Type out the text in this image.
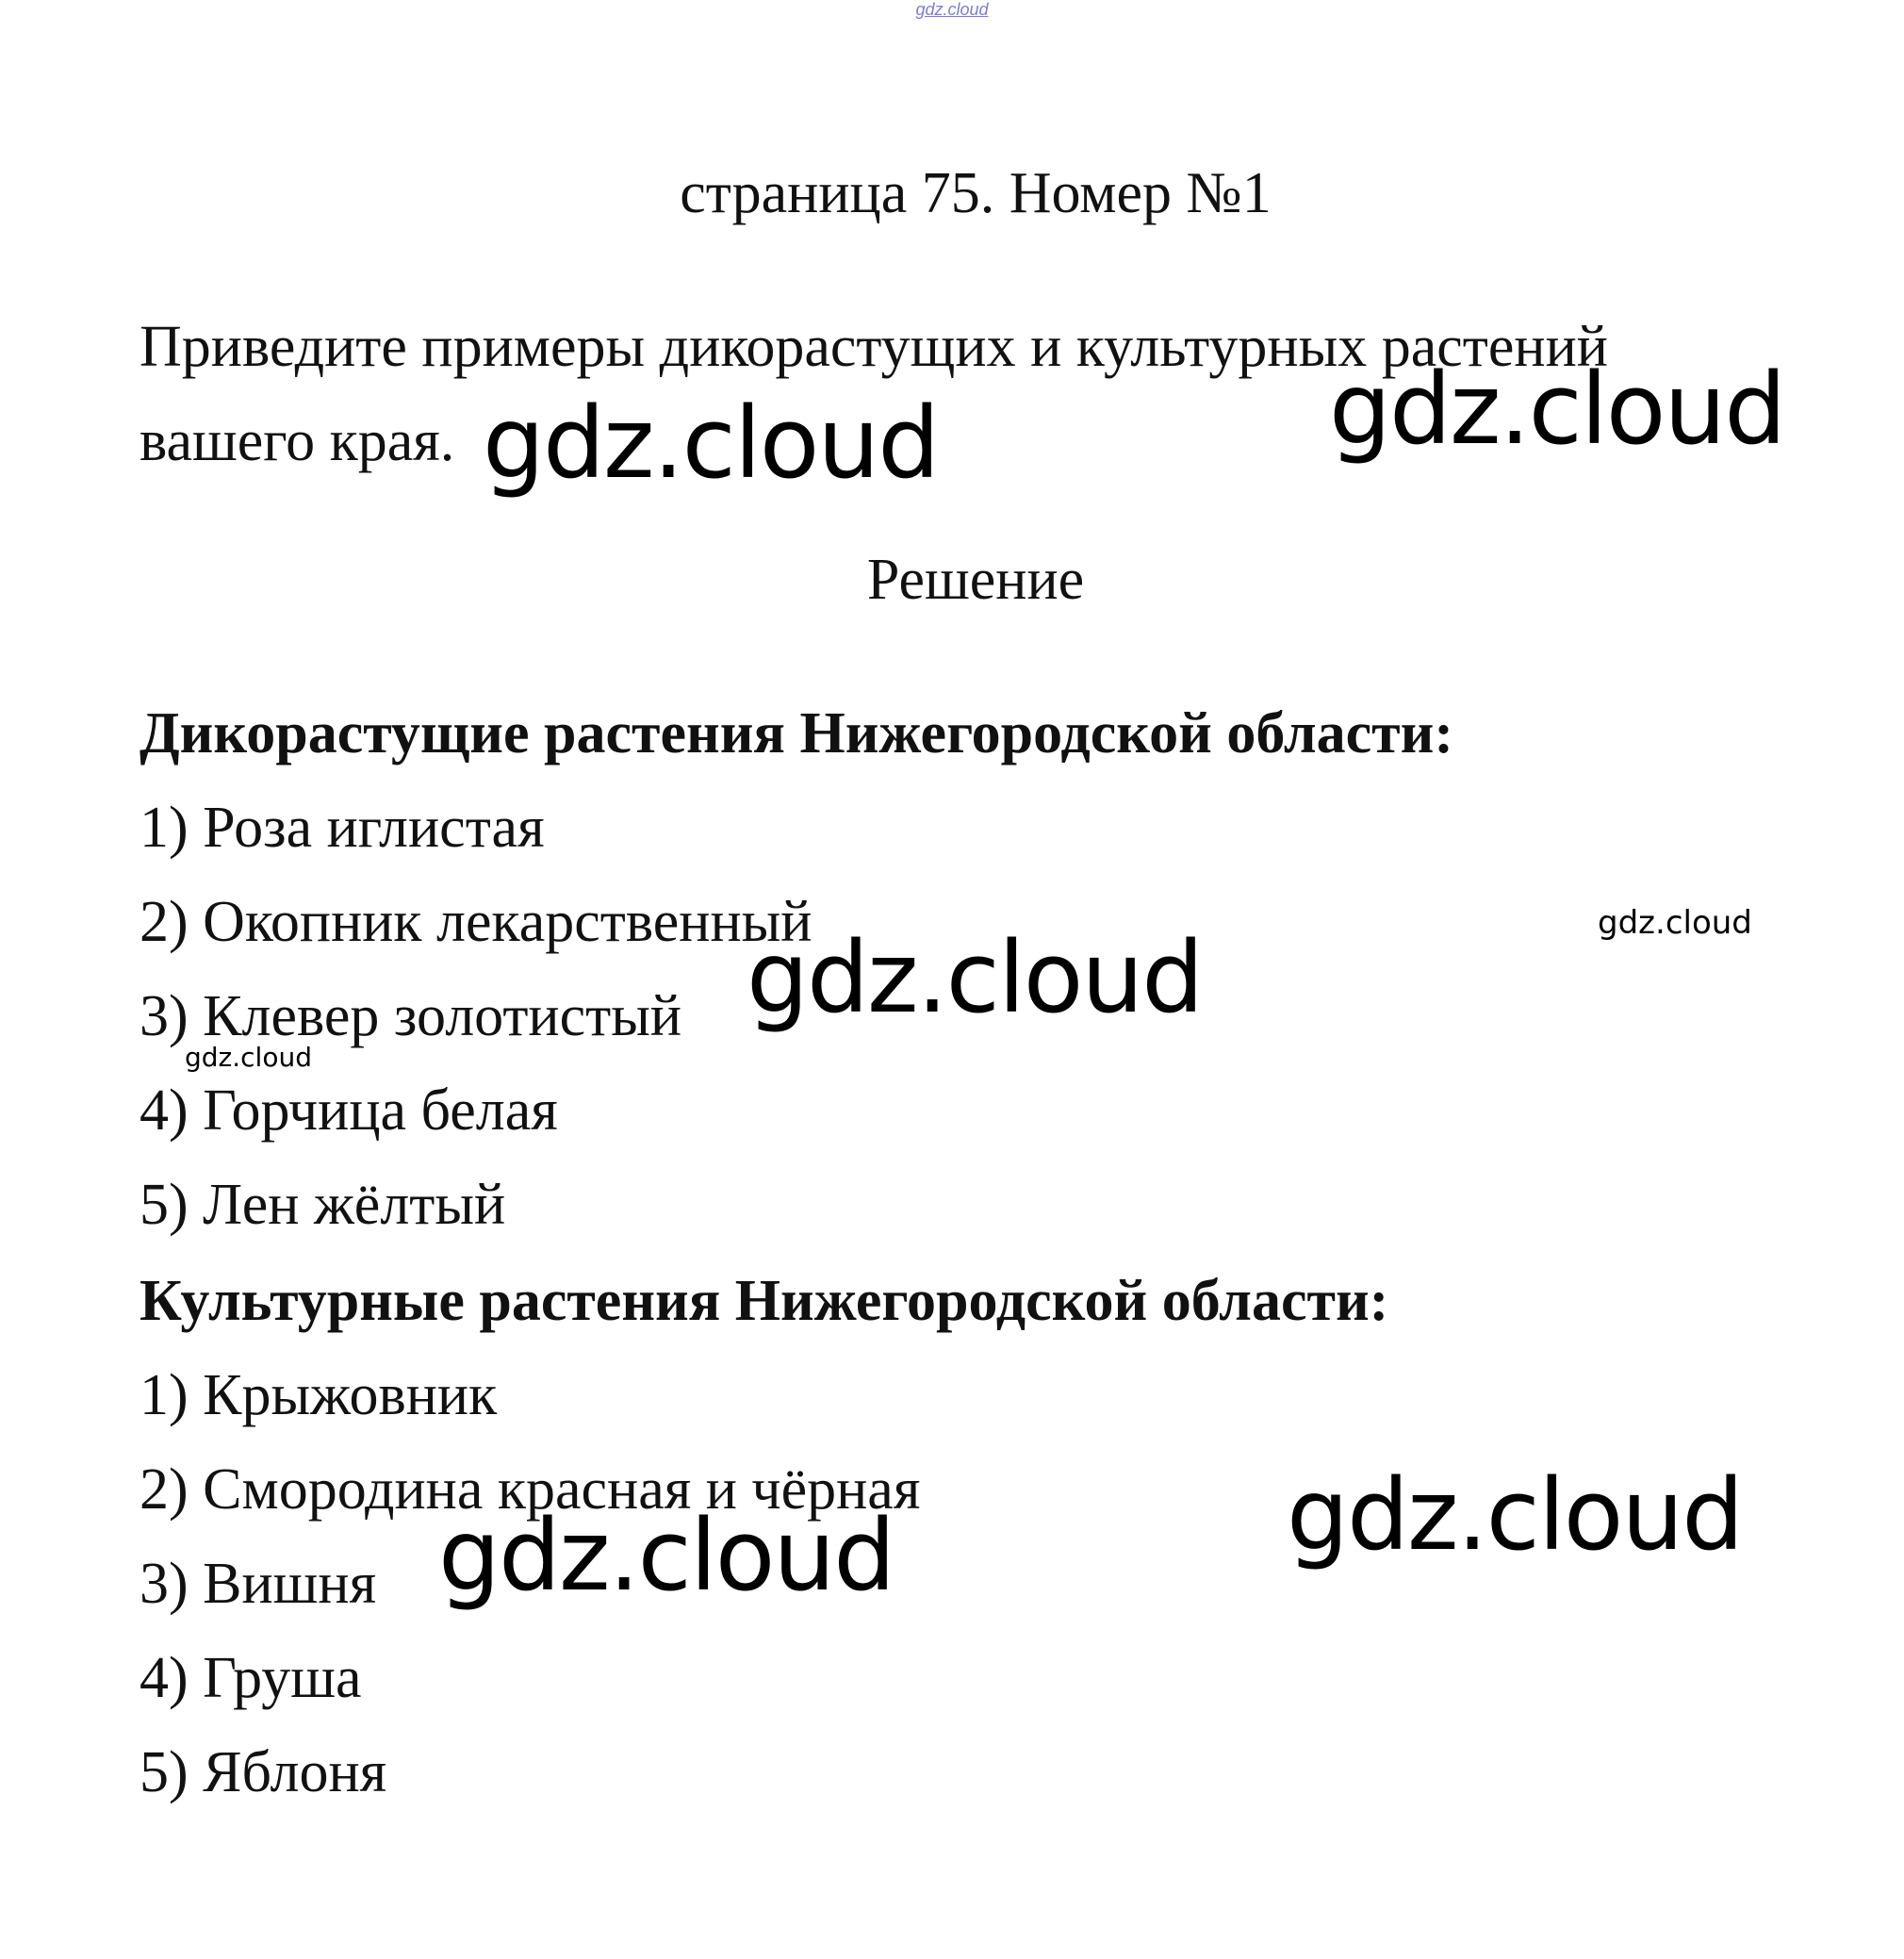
gdz.cloud
страница 75. Номер №1
Приведите примеры дикорастущих и культурных растений
вашего края.
Решение
Дикорастущие растения Нижегородской области:
1) Роза иглистая
2) Окопник лекарственный
3) Клевер золотистый
4) Горчица белая
5) Лен жёлтый
Культурные растения Нижегородской области:
1) Крыжовник
2) Смородина красная и чёрная
3) Вишня
4) Груша
5) Яблоня
gdz.cloud	gdz.cloud
gdz.cloud
gdz.cloud
gdz.cloud
gdz.cloud
gdz.cloud
